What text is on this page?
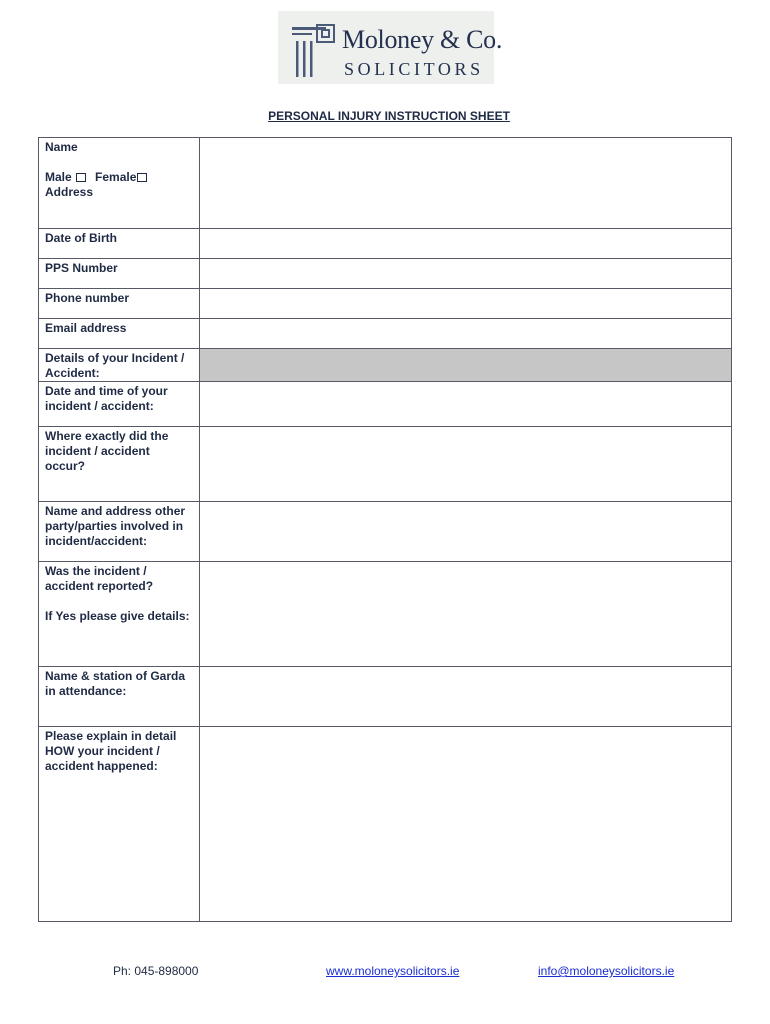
Moloney & Co.
SOLICITORS
PERSONAL INJURY INSTRUCTION SHEET
Name
Male Female
Address	

Date of Birth	
PPS Number	
Phone number	
Email address	
Details of your Incident / Accident:	
Date and time of your incident / accident:	
Where exactly did the incident / accident occur?	
Name and address other party/parties involved in incident/accident:	

Was the incident / accident reported?
If Yes please give details:	

Name & station of Garda in attendance:	
Please explain in detail HOW your incident / accident happened:	
Ph: 045-898000	www.moloneysolicitors.ie	info@moloneysolicitors.ie
